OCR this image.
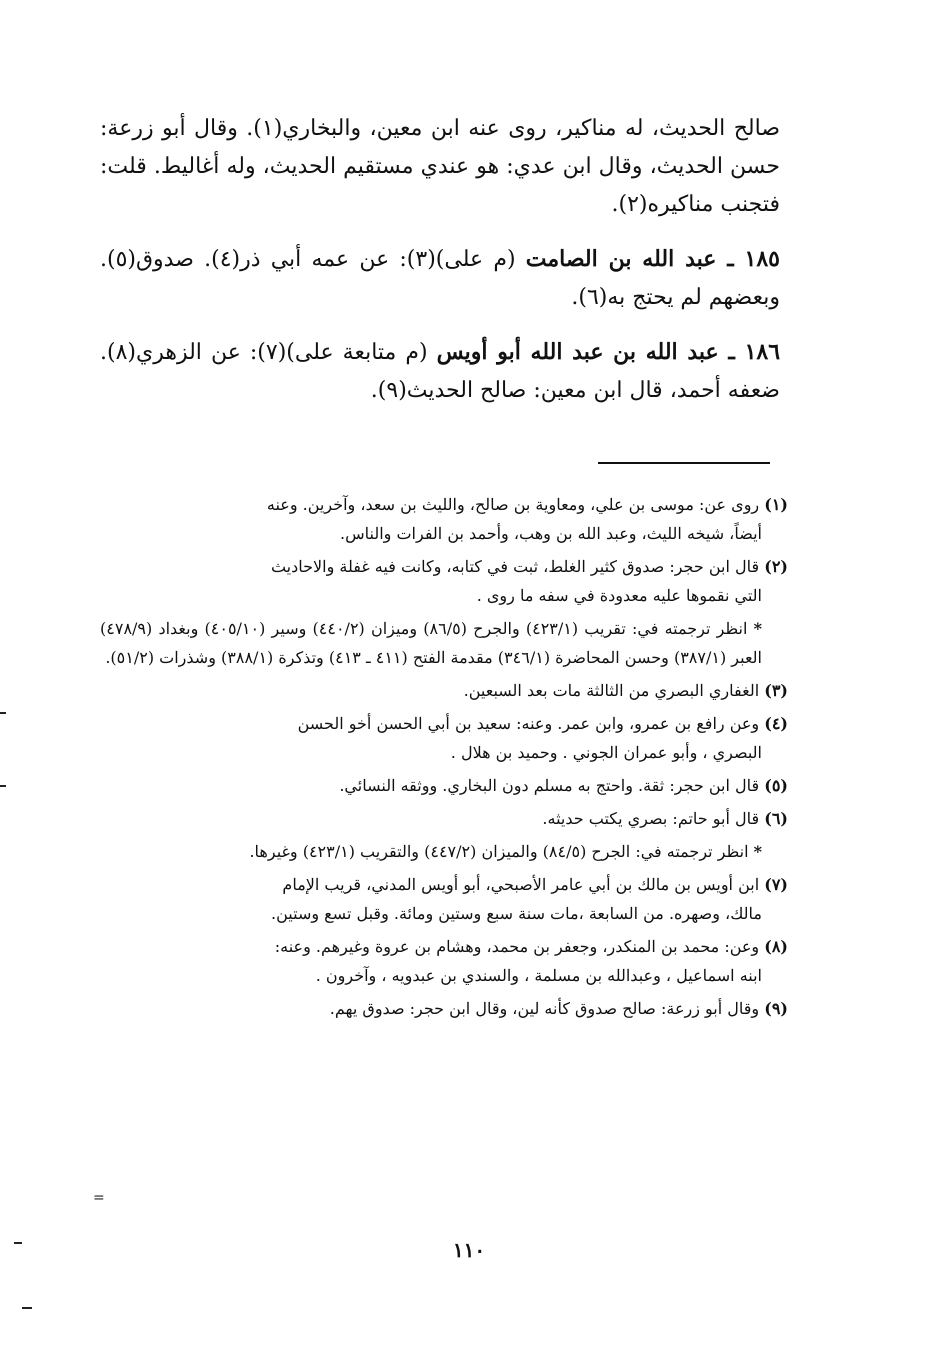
صالح الحديث، له مناكير، روى عنه ابن معين، والبخاري(١). وقال أبو زرعة: حسن الحديث، وقال ابن عدي: هو عندي مستقيم الحديث، وله أغاليط. قلت: فتجنب مناكيره(٢).

١٨٥ ـ عبد الله بن الصامت (م على)(٣): عن عمه أبي ذر(٤). صدوق(٥). وبعضهم لم يحتج به(٦).

١٨٦ ـ عبد الله بن عبد الله أبو أويس (م متابعة على)(٧): عن الزهري(٨). ضعفه أحمد، قال ابن معين: صالح الحديث(٩).

(١) روى عن: موسى بن علي، ومعاوية بن صالح، والليث بن سعد، وآخرين. وعنه
أيضاً، شيخه الليث، وعبد الله بن وهب، وأحمد بن الفرات والناس.
(٢) قال ابن حجر: صدوق كثير الغلط، ثبت في كتابه، وكانت فيه غفلة والاحاديث
التي نقموها عليه معدودة في سفه ما روى .
* انظر ترجمته في: تقريب (٤٢٣/١) والجرح (٨٦/٥) وميزان (٤٤٠/٢) وسير (٤٠٥/١٠) وبغداد (٤٧٨/٩) العبر (٣٨٧/١) وحسن المحاضرة (٣٤٦/١) مقدمة الفتح (٤١١ ـ ٤١٣) وتذكرة (٣٨٨/١) وشذرات (٥١/٢).
(٣) الغفاري البصري من الثالثة مات بعد السبعين.
(٤) وعن رافع بن عمرو، وابن عمر. وعنه: سعيد بن أبي الحسن أخو الحسن
البصري ، وأبو عمران الجوني . وحميد بن هلال .
(٥) قال ابن حجر: ثقة. واحتج به مسلم دون البخاري. ووثقه النسائي.
(٦) قال أبو حاتم: بصري يكتب حديثه.
* انظر ترجمته في: الجرح (٨٤/٥) والميزان (٤٤٧/٢) والتقريب (٤٢٣/١) وغيرها.
(٧) ابن أويس بن مالك بن أبي عامر الأصبحي، أبو أويس المدني، قريب الإمام
مالك، وصهره. من السابعة ،مات سنة سبع وستين ومائة. وقبل تسع وستين.
(٨) وعن: محمد بن المنكدر، وجعفر بن محمد، وهشام بن عروة وغيرهم. وعنه:
ابنه اسماعيل ، وعبدالله بن مسلمة ، والسندي بن عبدويه ، وآخرون .
(٩) وقال أبو زرعة: صالح صدوق كأنه لين، وقال ابن حجر: صدوق يهم.
=
١١٠
